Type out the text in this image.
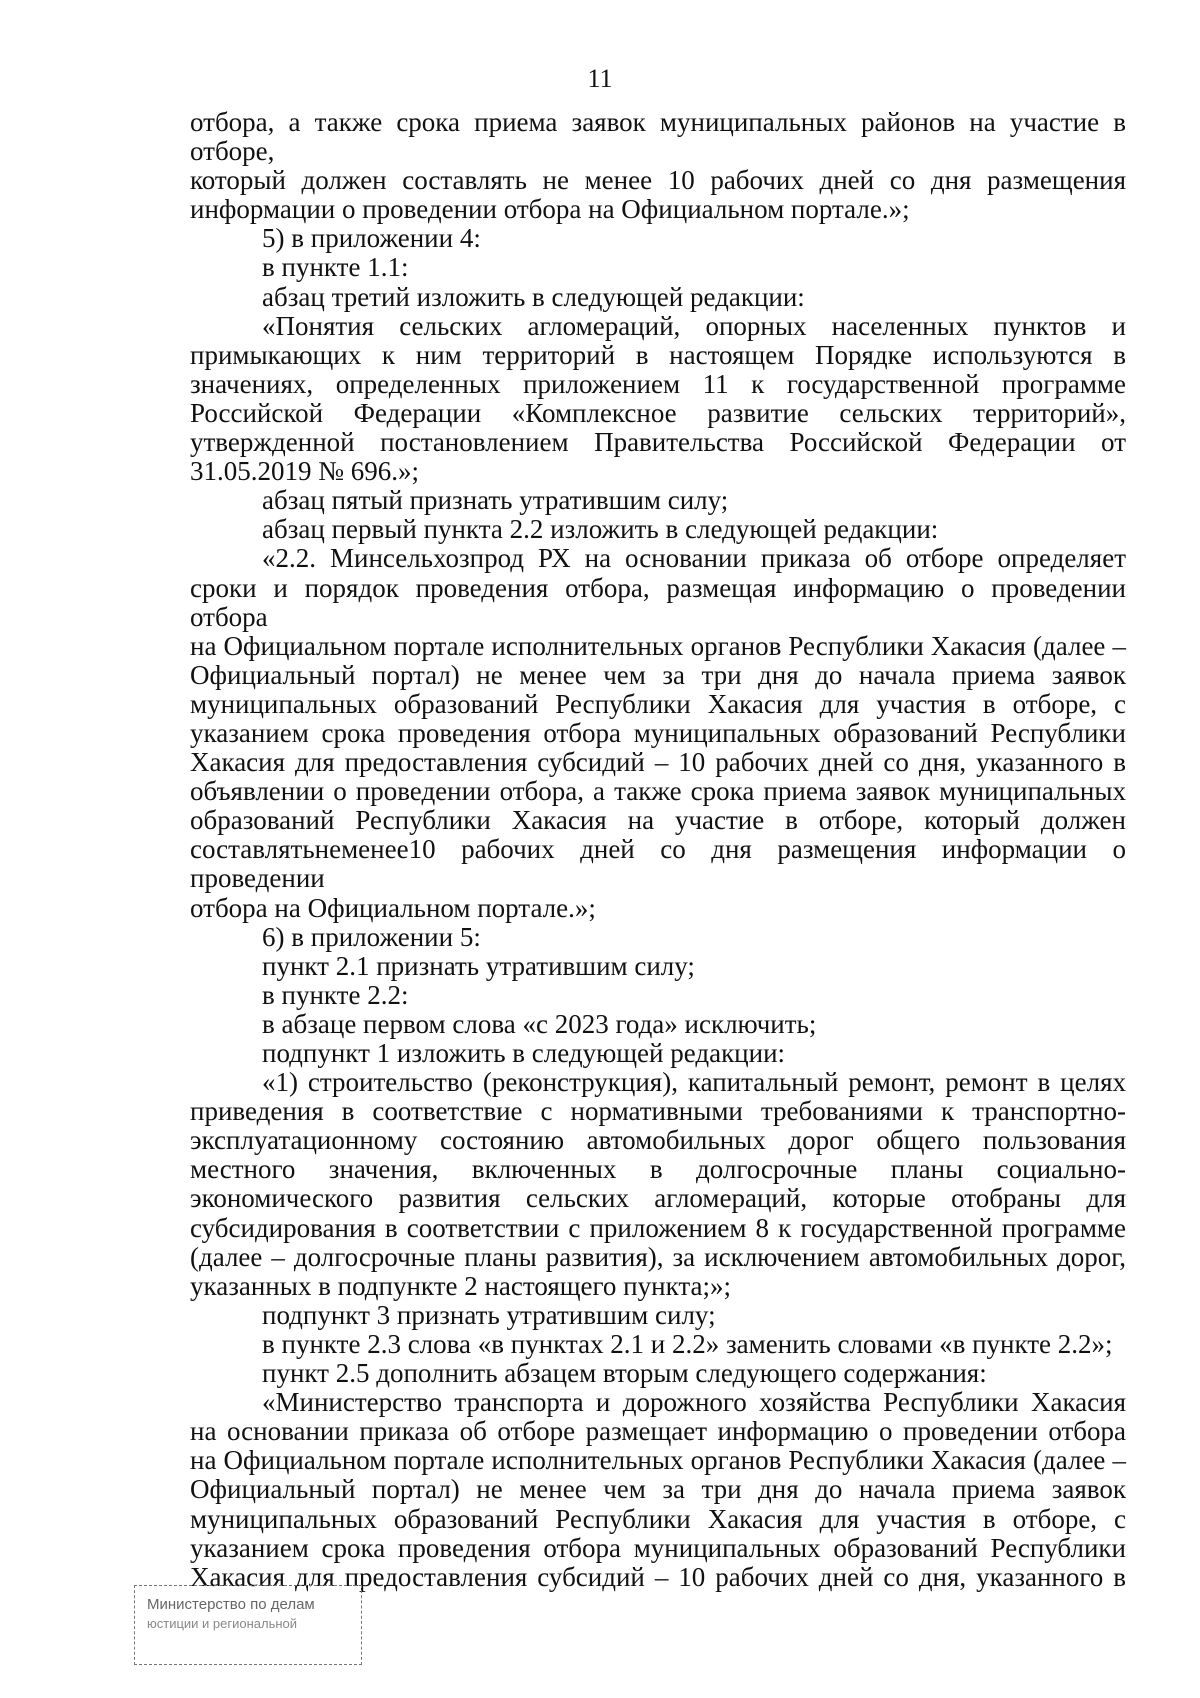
11

отбора, а также срока приема заявок муниципальных районов на участие в отборе,

который должен составлять не менее 10 рабочих дней со дня размещения

информации о проведении отбора на Официальном портале.»;

5) в приложении 4:

в пункте 1.1:

абзац третий изложить в следующей редакции:

«Понятия сельских агломераций, опорных населенных пунктов и

примыкающих к ним территорий в настоящем Порядке используются в

значениях, определенных приложением 11 к государственной программе

Российской Федерации «Комплексное развитие сельских территорий»,

утвержденной постановлением Правительства Российской Федерации от

31.05.2019 № 696.»;

абзац пятый признать утратившим силу;

абзац первый пункта 2.2 изложить в следующей редакции:

«2.2. Минсельхозпрод РХ на основании приказа об отборе определяет

сроки и порядок проведения отбора, размещая информацию о проведении отбора

на Официальном портале исполнительных органов Республики Хакасия (далее –

Официальный портал) не менее чем за три дня до начала приема заявок

муниципальных образований Республики Хакасия для участия в отборе, с

указанием срока проведения отбора муниципальных образований Республики

Хакасия для предоставления субсидий – 10 рабочих дней со дня, указанного в

объявлении о проведении отбора, а также срока приема заявок муниципальных

образований Республики Хакасия на участие в отборе, который должен

составлятьнеменее10 рабочих дней со дня размещения информации о проведении

отбора на Официальном портале.»;

6) в приложении 5:

пункт 2.1 признать утратившим силу;

в пункте 2.2:

в абзаце первом слова «с 2023 года» исключить;

подпункт 1 изложить в следующей редакции:

«1) строительство (реконструкция), капитальный ремонт, ремонт в целях

приведения в соответствие с нормативными требованиями к транспортно-

эксплуатационному состоянию автомобильных дорог общего пользования

местного значения, включенных в долгосрочные планы социально-

экономического развития сельских агломераций, которые отобраны для

субсидирования в соответствии с приложением 8 к государственной программе

(далее – долгосрочные планы развития), за исключением автомобильных дорог,

указанных в подпункте 2 настоящего пункта;»;

подпункт 3 признать утратившим силу;

в пункте 2.3 слова «в пунктах 2.1 и 2.2» заменить словами «в пункте 2.2»;

пункт 2.5 дополнить абзацем вторым следующего содержания:

«Министерство транспорта и дорожного хозяйства Республики Хакасия

на основании приказа об отборе размещает информацию о проведении отбора

на Официальном портале исполнительных органов Республики Хакасия (далее –

Официальный портал) не менее чем за три дня до начала приема заявок

муниципальных образований Республики Хакасия для участия в отборе, с

указанием срока проведения отбора муниципальных образований Республики

Хакасия для предоставления субсидий – 10 рабочих дней со дня, указанного в

Министерство по делам
юстиции и региональной
